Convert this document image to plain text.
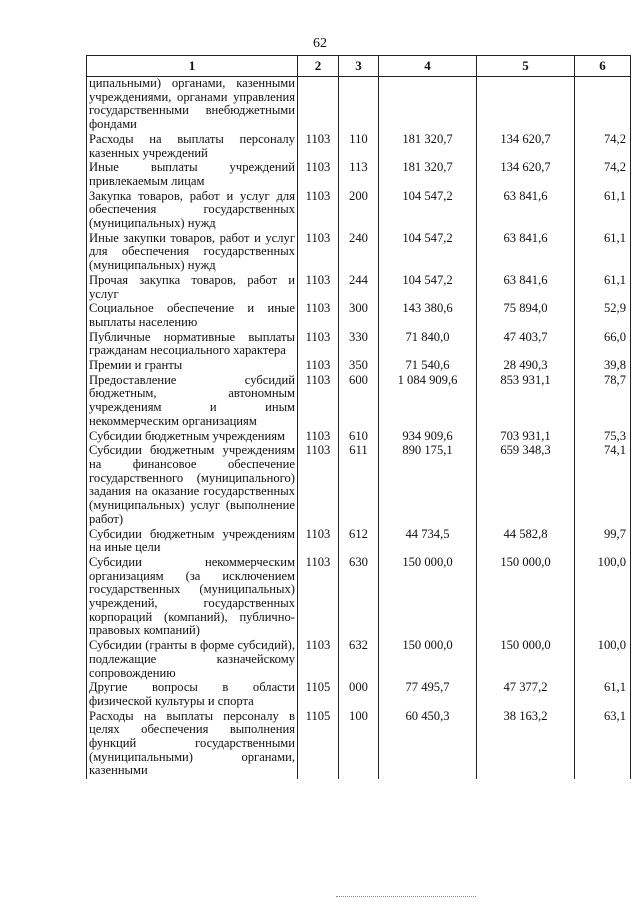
62
1	2	3	4	5	6
ципальными) органами, казенными учреждениями, органами управления государственными внебюджетными фондами					
Расходы на выплаты персоналу казенных учреждений	1103	110	181 320,7	134 620,7	74,2
Иные выплаты учреждений привлекаемым лицам	1103	113	181 320,7	134 620,7	74,2
Закупка товаров, работ и услуг для обеспечения государственных (муниципальных) нужд	1103	200	104 547,2	63 841,6	61,1
Иные закупки товаров, работ и услуг для обеспечения государственных (муниципальных) нужд	1103	240	104 547,2	63 841,6	61,1
Прочая закупка товаров, работ и услуг	1103	244	104 547,2	63 841,6	61,1
Социальное обеспечение и иные выплаты населению	1103	300	143 380,6	75 894,0	52,9
Публичные нормативные выплаты гражданам несоциального характера	1103	330	71 840,0	47 403,7	66,0
Премии и гранты	1103	350	71 540,6	28 490,3	39,8
Предоставление субсидий бюджетным, автономным учреждениям и иным некоммерческим организациям	1103	600	1 084 909,6	853 931,1	78,7
Субсидии бюджетным учреждениям	1103	610	934 909,6	703 931,1	75,3
Субсидии бюджетным учреждениям на финансовое обеспечение государственного (муниципального) задания на оказание государственных (муниципальных) услуг (выполнение работ)	1103	611	890 175,1	659 348,3	74,1
Субсидии бюджетным учреждениям на иные цели	1103	612	44 734,5	44 582,8	99,7
Субсидии некоммерческим организациям (за исключением государственных (муниципальных) учреждений, государственных корпораций (компаний), публично-правовых компаний)	1103	630	150 000,0	150 000,0	100,0
Субсидии (гранты в форме субсидий), подлежащие казначейскому сопровождению	1103	632	150 000,0	150 000,0	100,0
Другие вопросы в области физической культуры и спорта	1105	000	77 495,7	47 377,2	61,1
Расходы на выплаты персоналу в целях обеспечения выполнения функций государственными (муниципальными) органами, казенными	1105	100	60 450,3	38 163,2	63,1
